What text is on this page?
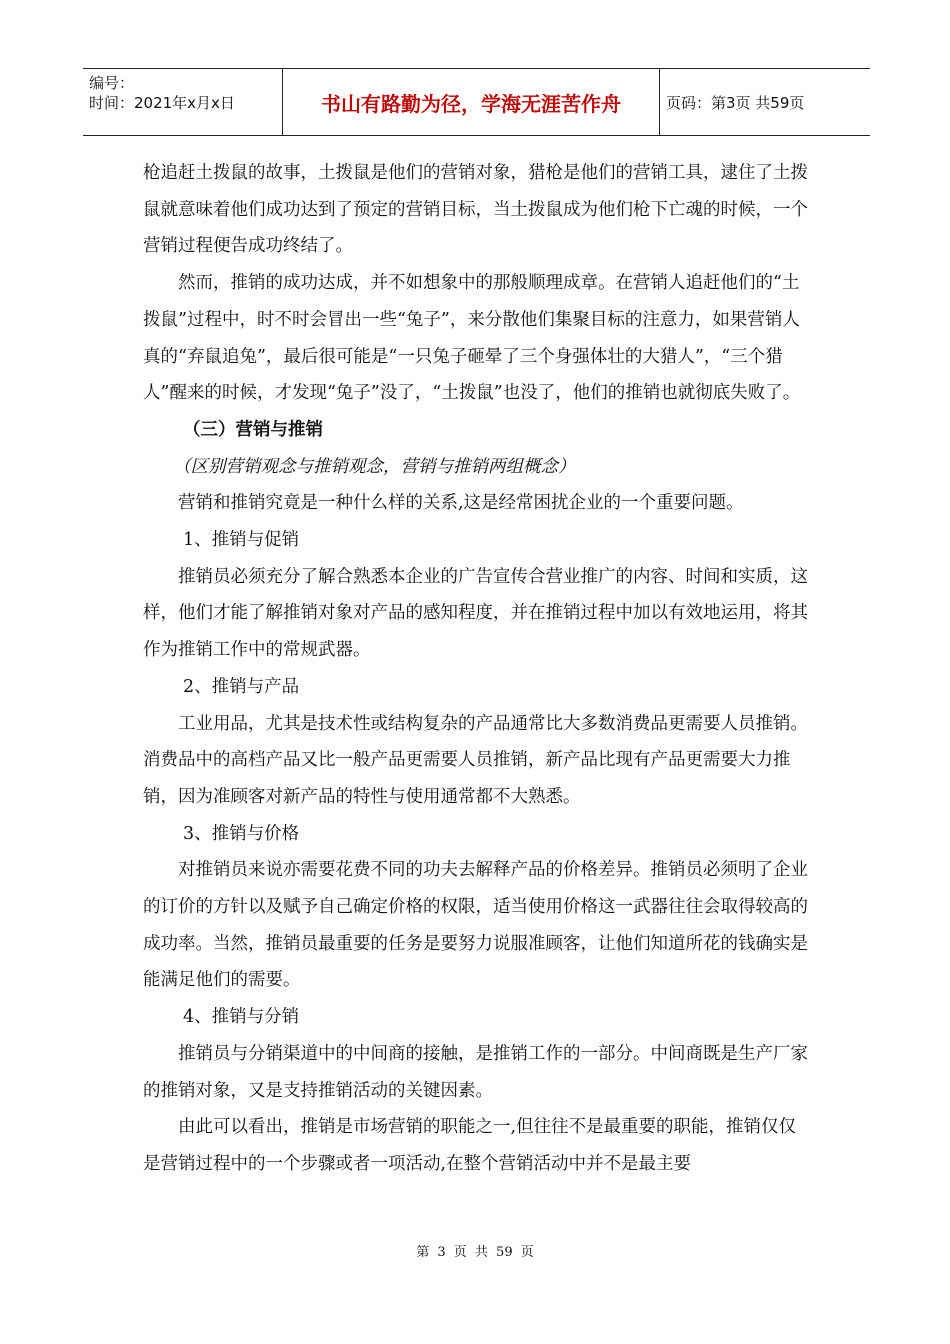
编号：
时间：2021年x月x日	书山有路勤为径，学海无涯苦作舟	页码：第3页 共59页

枪追赶土拨鼠的故事，土拨鼠是他们的营销对象，猎枪是他们的营销工具，逮住了土拨鼠就意味着他们成功达到了预定的营销目标，当土拨鼠成为他们枪下亡魂的时候，一个营销过程便告成功终结了。

然而，推销的成功达成，并不如想象中的那般顺理成章。在营销人追赶他们的“土拨鼠”过程中，时不时会冒出一些“兔子”，来分散他们集聚目标的注意力，如果营销人真的“弃鼠追兔”，最后很可能是“一只兔子砸晕了三个身强体壮的大猎人”，“三个猎人”醒来的时候，才发现“兔子”没了，“土拨鼠”也没了，他们的推销也就彻底失败了。

（三）营销与推销

（区别营销观念与推销观念，营销与推销两组概念）

营销和推销究竟是一种什么样的关系,这是经常困扰企业的一个重要问题。

1、推销与促销

推销员必须充分了解合熟悉本企业的广告宣传合营业推广的内容、时间和实质，这样，他们才能了解推销对象对产品的感知程度，并在推销过程中加以有效地运用，将其作为推销工作中的常规武器。

2、推销与产品

工业用品，尤其是技术性或结构复杂的产品通常比大多数消费品更需要人员推销。消费品中的高档产品又比一般产品更需要人员推销，新产品比现有产品更需要大力推销，因为准顾客对新产品的特性与使用通常都不大熟悉。

3、推销与价格

对推销员来说亦需要花费不同的功夫去解释产品的价格差异。推销员必须明了企业的订价的方针以及赋予自己确定价格的权限，适当使用价格这一武器往往会取得较高的成功率。当然，推销员最重要的任务是要努力说服准顾客，让他们知道所花的钱确实是能满足他们的需要。

4、推销与分销

推销员与分销渠道中的中间商的接触，是推销工作的一部分。中间商既是生产厂家的推销对象，又是支持推销活动的关键因素。

由此可以看出，推销是市场营销的职能之一,但往往不是最重要的职能，推销仅仅是营销过程中的一个步骤或者一项活动,在整个营销活动中并不是最主要

第 3 页 共 59 页
